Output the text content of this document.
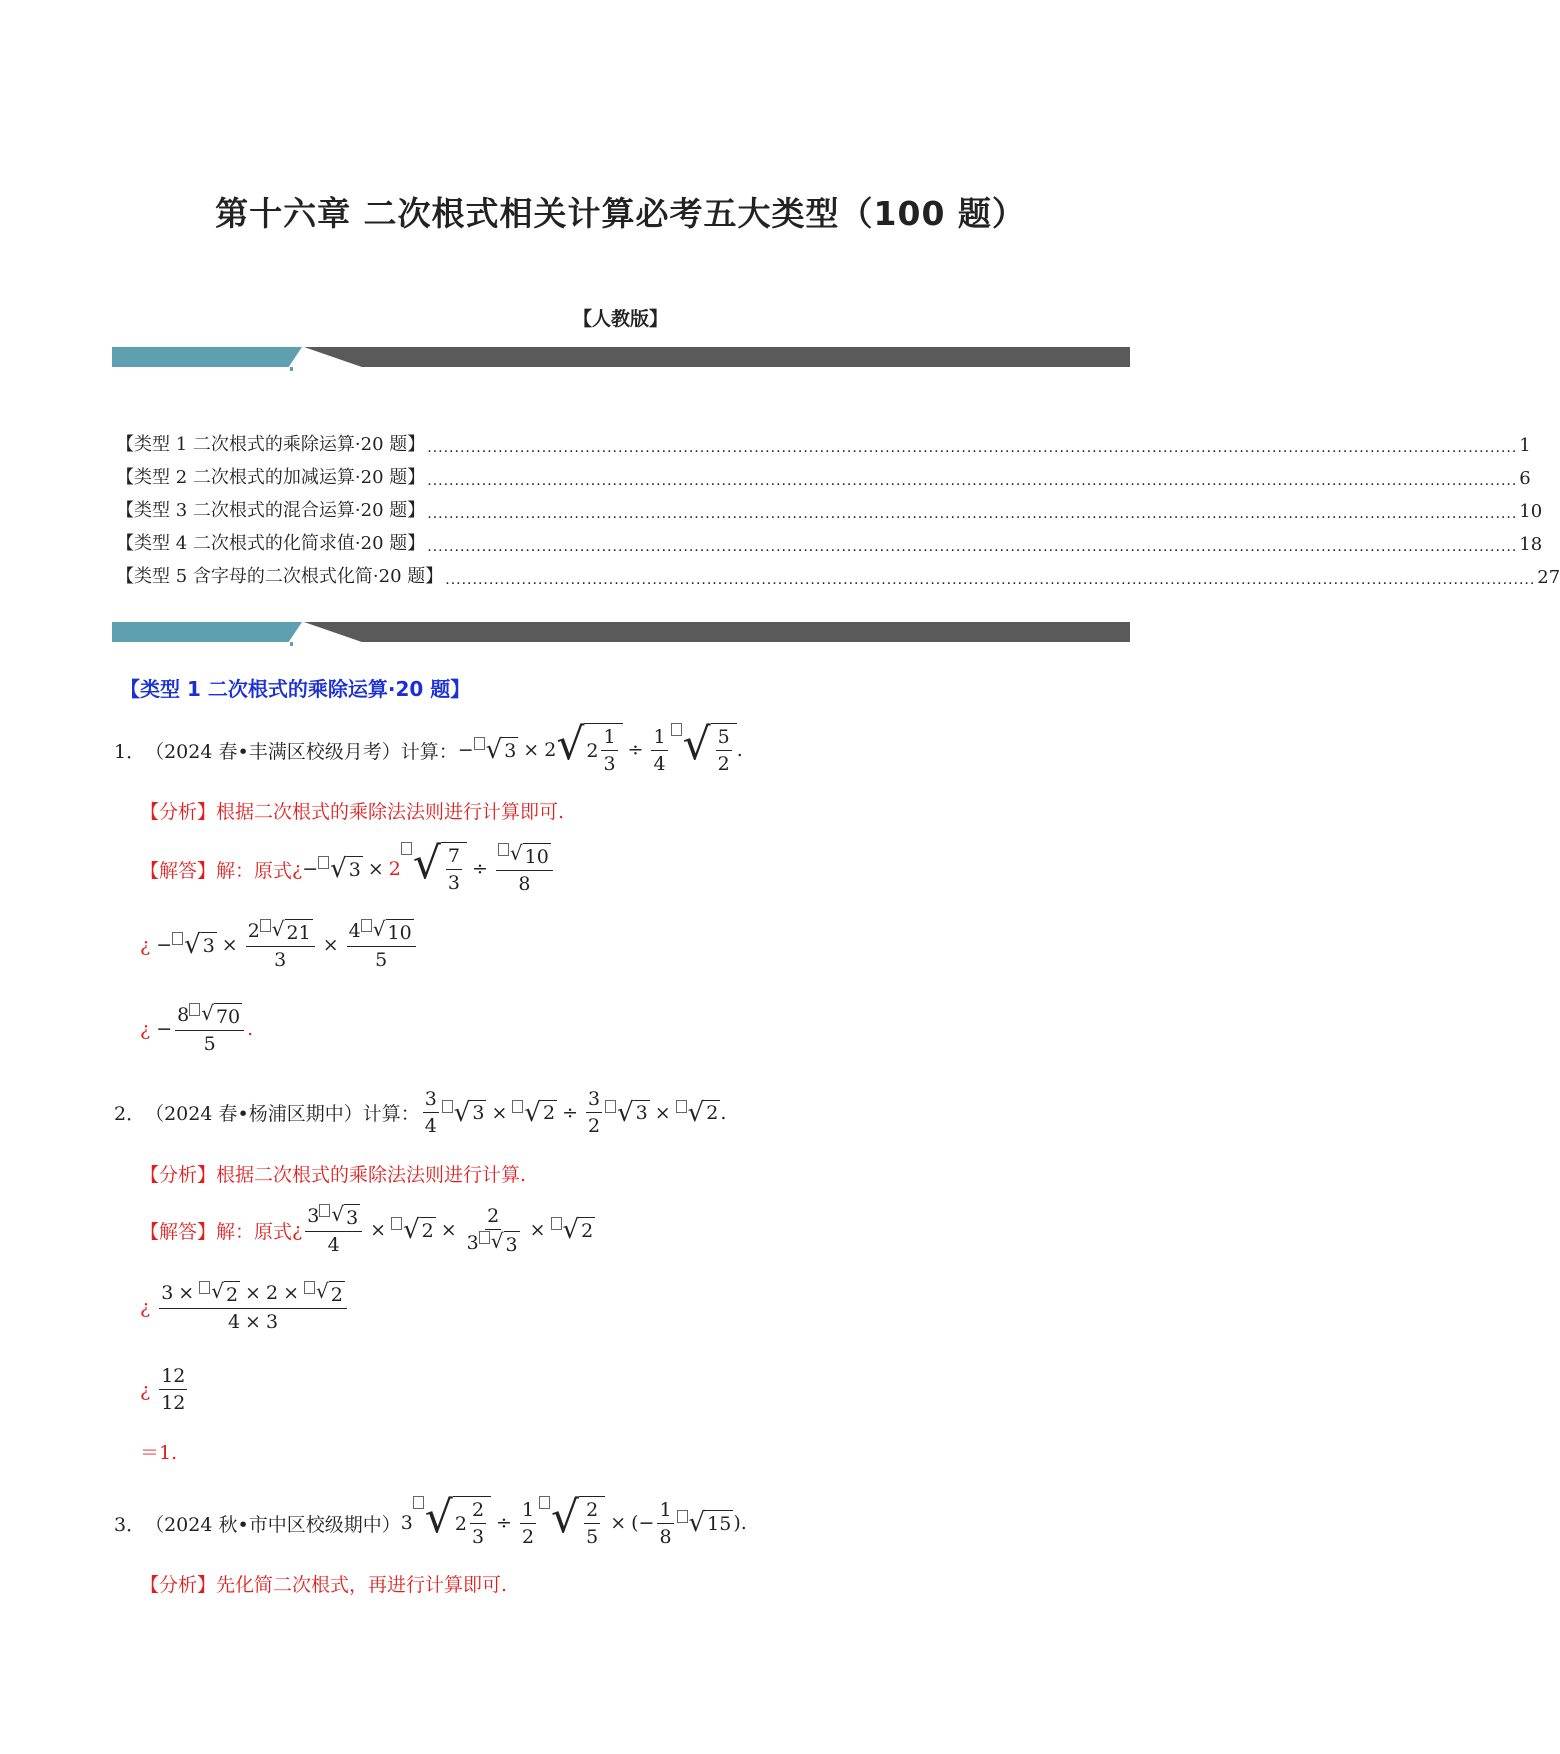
第十六章 二次根式相关计算必考五大类型（100 题）
【人教版】
【类型 1 二次根式的乘除运算·20 题】 ........................................................................................................................................................................................................ 1
【类型 2 二次根式的加减运算·20 题】 ........................................................................................................................................................................................................ 6
【类型 3 二次根式的混合运算·20 题】 ........................................................................................................................................................................................................ 10
【类型 4 二次根式的化简求值·20 题】 ........................................................................................................................................................................................................ 18
【类型 5 含字母的二次根式化简·20 题】 ........................................................................................................................................................................................................ 27
【类型 1 二次根式的乘除运算·20 题】
1． （2024 春•丰满区校级月考）计算： − √ 3 × 2 √ $2 \frac{1}{3} \div \frac{1}{4}$ √ $\frac{5}{2}$ .
【分析】 根据二次根式的乘除法法则进行计算即可.
【解答】 解：原式 ¿ − √ 3 × 2 √ $\frac{7}{3} \div \frac{√ 10}{8}$
¿ − √ $3 \times \frac{2 √ 21}{3} \times \frac{4 √ 10}{5}$
¿ − $\frac{8 √ 70}{5}$ .
2． （2024 春•杨浦区期中）计算： $\frac{3}{4}$ √ 3 × √ $2 \div \frac{3}{2}$ √ 3 × √ 2 .
【分析】 根据二次根式的乘除法法则进行计算.
【解答】 解：原式 ¿ $\frac{3 √ 3}{4}$ × √ $2 \times \frac{2}{3 √ 3}$ × √ 2
¿ $\frac{3 \times √ 2 \times 2 \times √ 2}{4 \times 3}$
¿ $\frac{12}{12}$
＝1.
3． （2024 秋•市中区校级期中） 3 √ $2 \frac{2}{3} \div \frac{1}{2}$ √ $\frac{2}{5}$ × ( − $\frac{1}{8}$ √ 15 ).
【分析】 先化简二次根式，再进行计算即可.
